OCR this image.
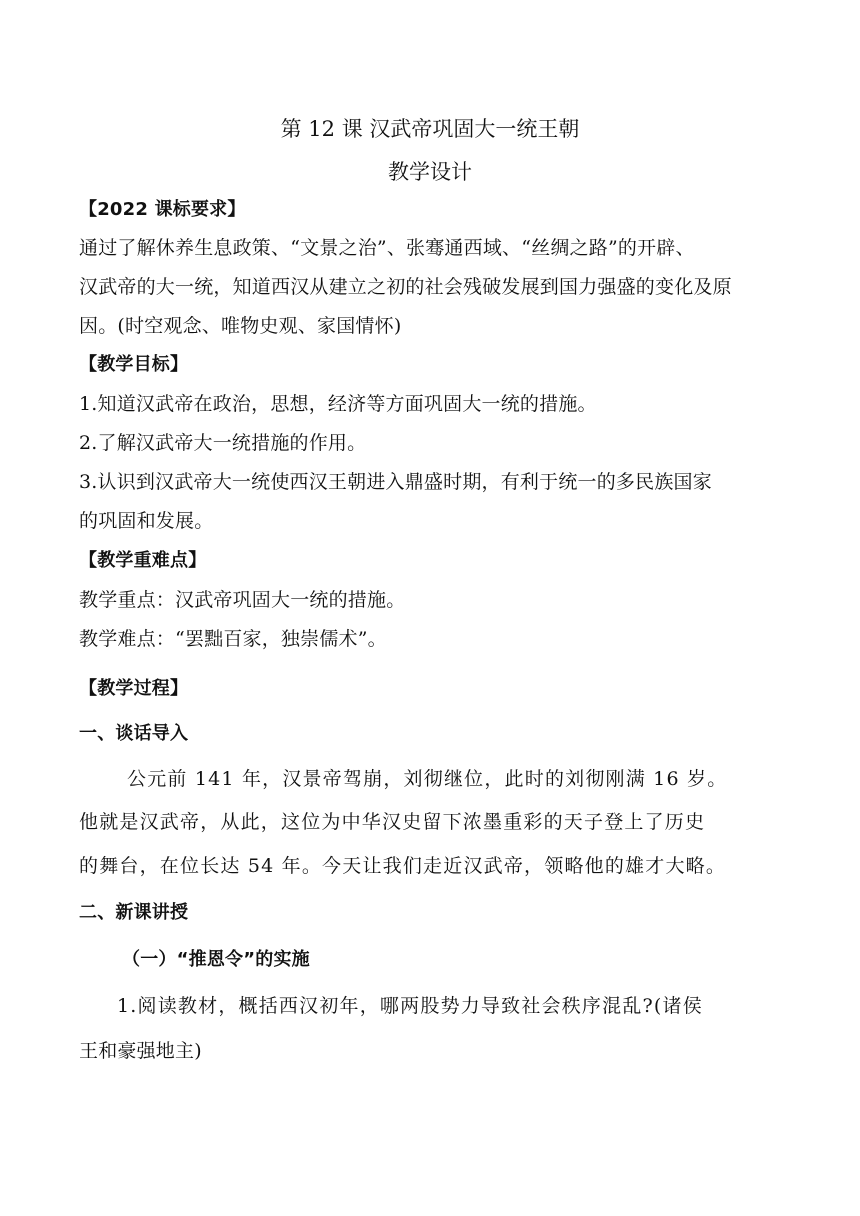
第 12 课 汉武帝巩固大一统王朝
教学设计
【2022 课标要求】
通过了解休养生息政策、“文景之治”、张骞通西域、“丝绸之路”的开辟、
汉武帝的大一统，知道西汉从建立之初的社会残破发展到国力强盛的变化及原
因。(时空观念、唯物史观、家国情怀)
【教学目标】
1.知道汉武帝在政治，思想，经济等方面巩固大一统的措施。
2.了解汉武帝大一统措施的作用。
3.认识到汉武帝大一统使西汉王朝进入鼎盛时期，有利于统一的多民族国家
的巩固和发展。
【教学重难点】
教学重点：汉武帝巩固大一统的措施。
教学难点：“罢黜百家，独崇儒术”。
【教学过程】
一、谈话导入
公元前 141 年，汉景帝驾崩，刘彻继位，此时的刘彻刚满 16 岁。
他就是汉武帝，从此，这位为中华汉史留下浓墨重彩的天子登上了历史
的舞台，在位长达 54 年。今天让我们走近汉武帝，领略他的雄才大略。
二、新课讲授
（一）“推恩令”的实施
1.阅读教材，概括西汉初年，哪两股势力导致社会秩序混乱?(诸侯
王和豪强地主)
